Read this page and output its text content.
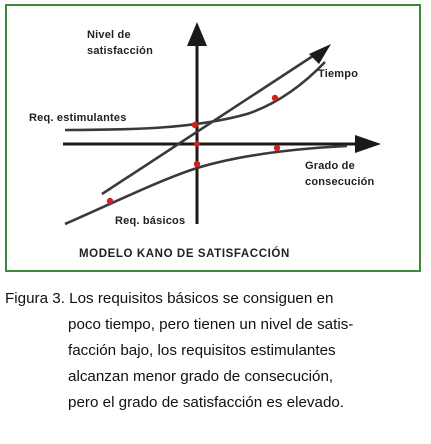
Nivel de
satisfacción
Tiempo
Req. estimulantes
Grado de
consecución
Req. básicos
MODELO KANO DE SATISFACCIÓN
Figura 3. Los requisitos básicos se consiguen en
poco tiempo, pero tienen un nivel de satis-
facción bajo, los requisitos estimulantes
alcanzan menor grado de consecución,
pero el grado de satisfacción es elevado.
